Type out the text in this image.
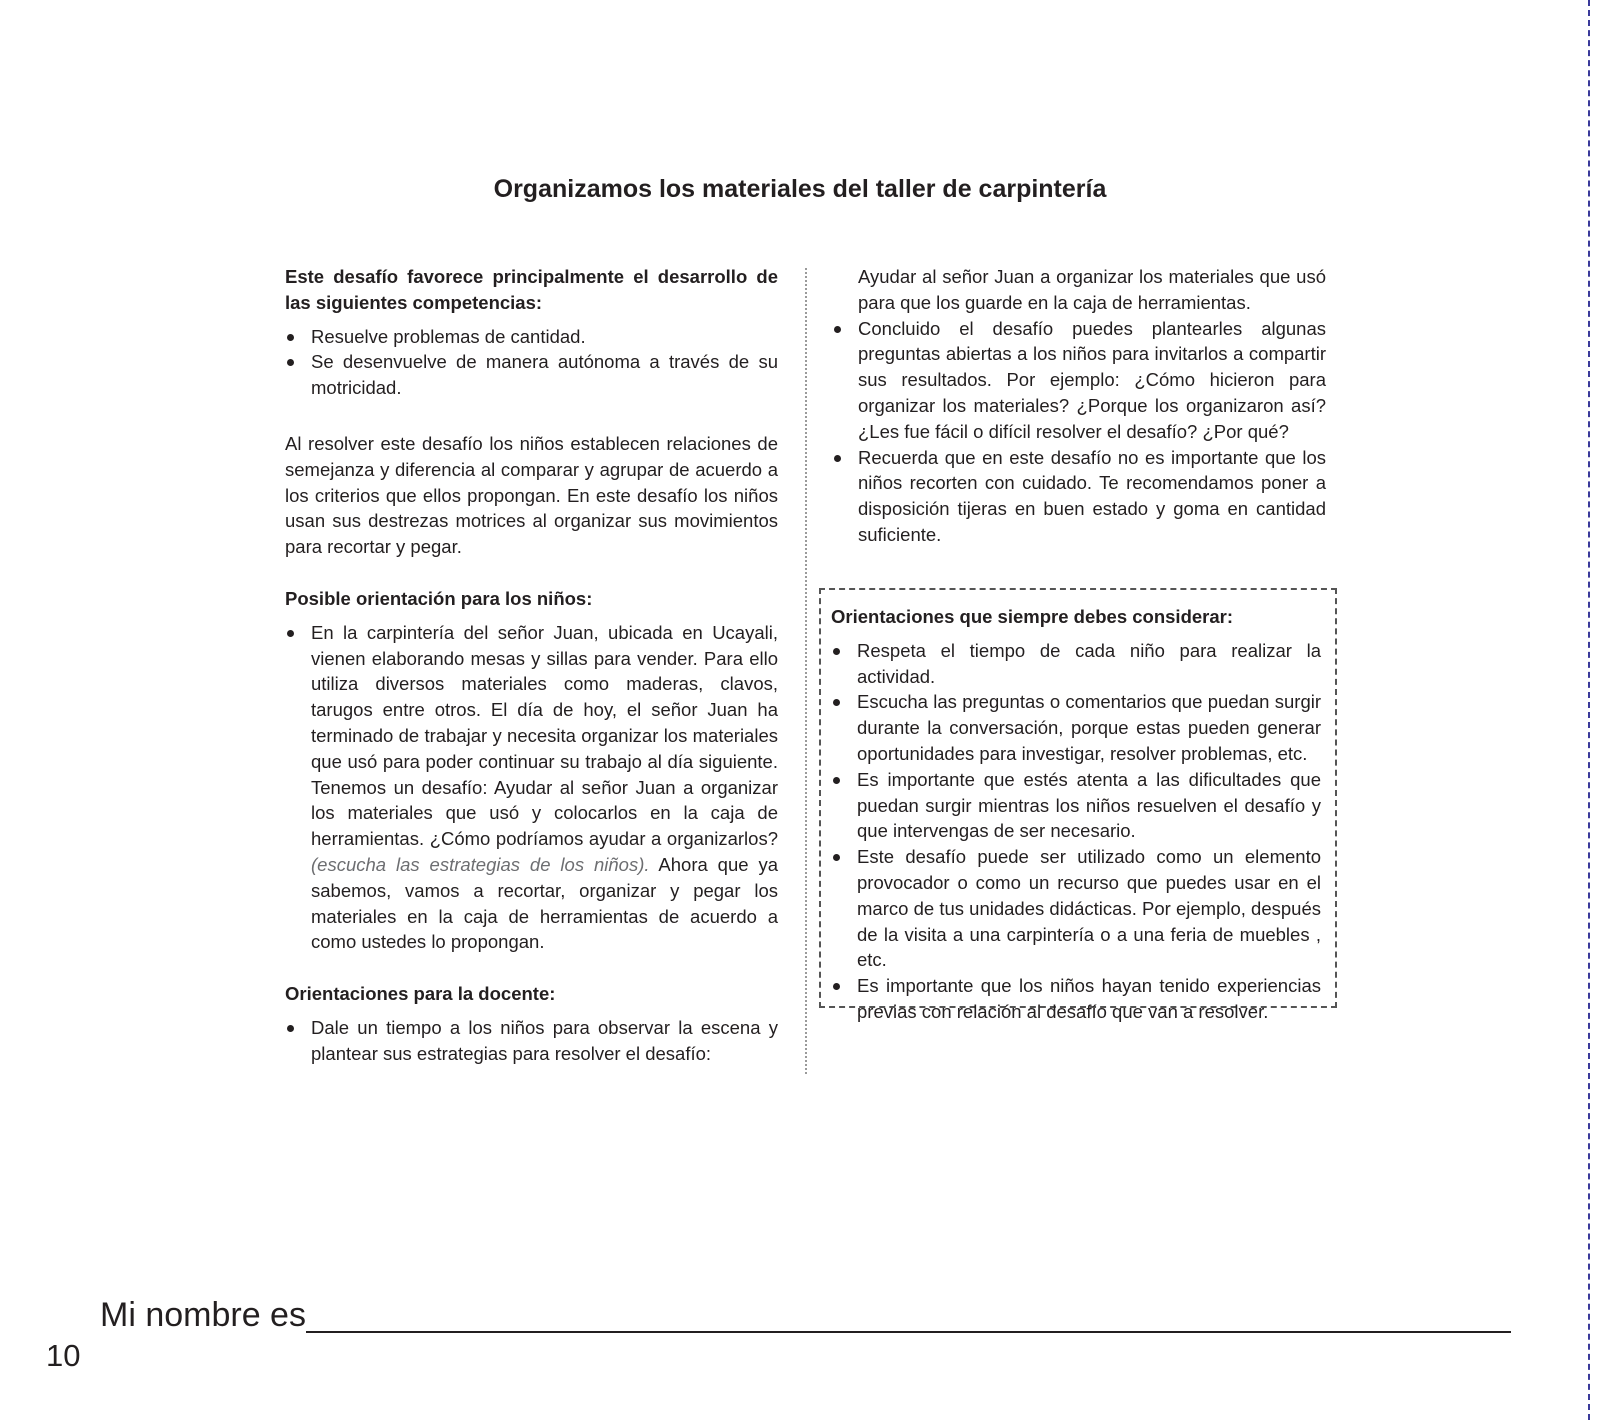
Organizamos los materiales del taller de carpintería

Este desafío favorece principalmente el desarrollo de las siguientes competencias:

Resuelve problemas de cantidad.
Se desenvuelve de manera autónoma a través de su motricidad.

Al resolver este desafío los niños establecen relaciones de semejanza y diferencia al comparar y agrupar de acuerdo a los criterios que ellos propongan. En este desafío los niños usan sus destrezas motrices al organizar sus movimientos para recortar y pegar.

Posible orientación para los niños:

En la carpintería del señor Juan, ubicada en Ucayali, vienen elaborando mesas y sillas para vender. Para ello utiliza diversos materiales como maderas, clavos, tarugos entre otros. El día de hoy, el señor Juan ha terminado de trabajar y necesita organizar los materiales que usó para poder continuar su trabajo al día siguiente. Tenemos un desafío: Ayudar al señor Juan a organizar los materiales que usó y colocarlos en la caja de herramientas. ¿Cómo podríamos ayudar a organizarlos? (escucha las estrategias de los niños). Ahora que ya sabemos, vamos a recortar, organizar y pegar los materiales en la caja de herramientas de acuerdo a como ustedes lo propongan.

Orientaciones para la docente:

Dale un tiempo a los niños para observar la escena y plantear sus estrategias para resolver el desafío:

Ayudar al señor Juan a organizar los materiales que usó para que los guarde en la caja de herramientas.

Concluido el desafío puedes plantearles algunas preguntas abiertas a los niños para invitarlos a compartir sus resultados. Por ejemplo: ¿Cómo hicieron para organizar los materiales? ¿Porque los organizaron así? ¿Les fue fácil o difícil resolver el desafío? ¿Por qué?
Recuerda que en este desafío no es importante que los niños recorten con cuidado. Te recomendamos poner a disposición tijeras en buen estado y goma en cantidad suficiente.

Orientaciones que siempre debes considerar:

Respeta el tiempo de cada niño para realizar la actividad.
Escucha las preguntas o comentarios que puedan surgir durante la conversación, porque estas pueden generar oportunidades para investigar, resolver problemas, etc.
Es importante que estés atenta a las dificultades que puedan surgir mientras los niños resuelven el desafío y que intervengas de ser necesario.
Este desafío puede ser utilizado como un elemento provocador o como un recurso que puedes usar en el marco de tus unidades didácticas. Por ejemplo, después de la visita a una carpintería o a una feria de muebles , etc.
Es importante que los niños hayan tenido experiencias previas con relación al desafío que van a resolver.
Mi nombre es
10
